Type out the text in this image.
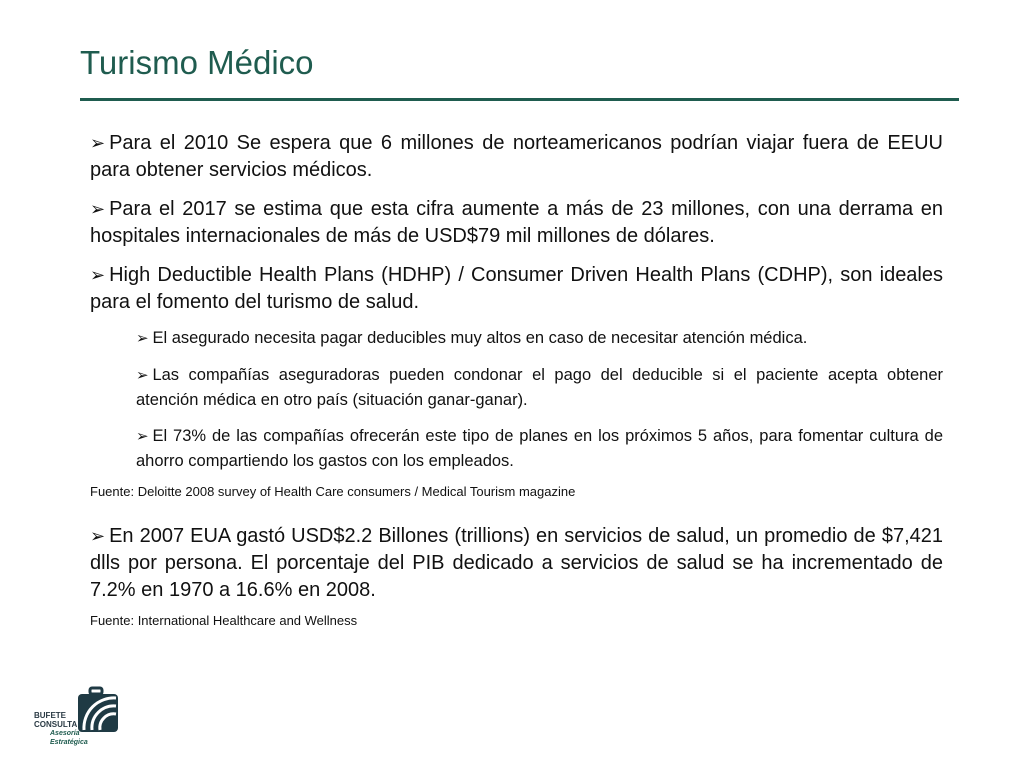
Turismo Médico

➢ Para el 2010 Se espera que 6 millones de norteamericanos podrían viajar fuera de EEUU para obtener servicios médicos.

➢ Para el 2017 se estima que esta cifra aumente a más de 23 millones, con una derrama en hospitales internacionales de más de USD$79 mil millones de dólares.

➢ High Deductible Health Plans (HDHP) / Consumer Driven Health Plans (CDHP), son ideales para el fomento del turismo de salud.

➢ El asegurado necesita pagar deducibles muy altos en caso de necesitar atención médica.

➢ Las compañías aseguradoras pueden condonar el pago del deducible si el paciente acepta obtener atención médica en otro país (situación ganar-ganar).

➢ El 73% de las compañías ofrecerán este tipo de planes en los próximos 5 años, para fomentar cultura de ahorro compartiendo los gastos con los empleados.

Fuente: Deloitte 2008 survey of Health Care consumers / Medical Tourism magazine

➢ En 2007 EUA gastó USD$2.2 Billones (trillions) en servicios de salud, un promedio de $7,421 dlls por persona. El porcentaje del PIB dedicado a servicios de salud se ha incrementado de 7.2% en 1970 a 16.6% en 2008.

Fuente: International Healthcare and Wellness

BUFETE
CONSULTA
Asesoría Estratégica
